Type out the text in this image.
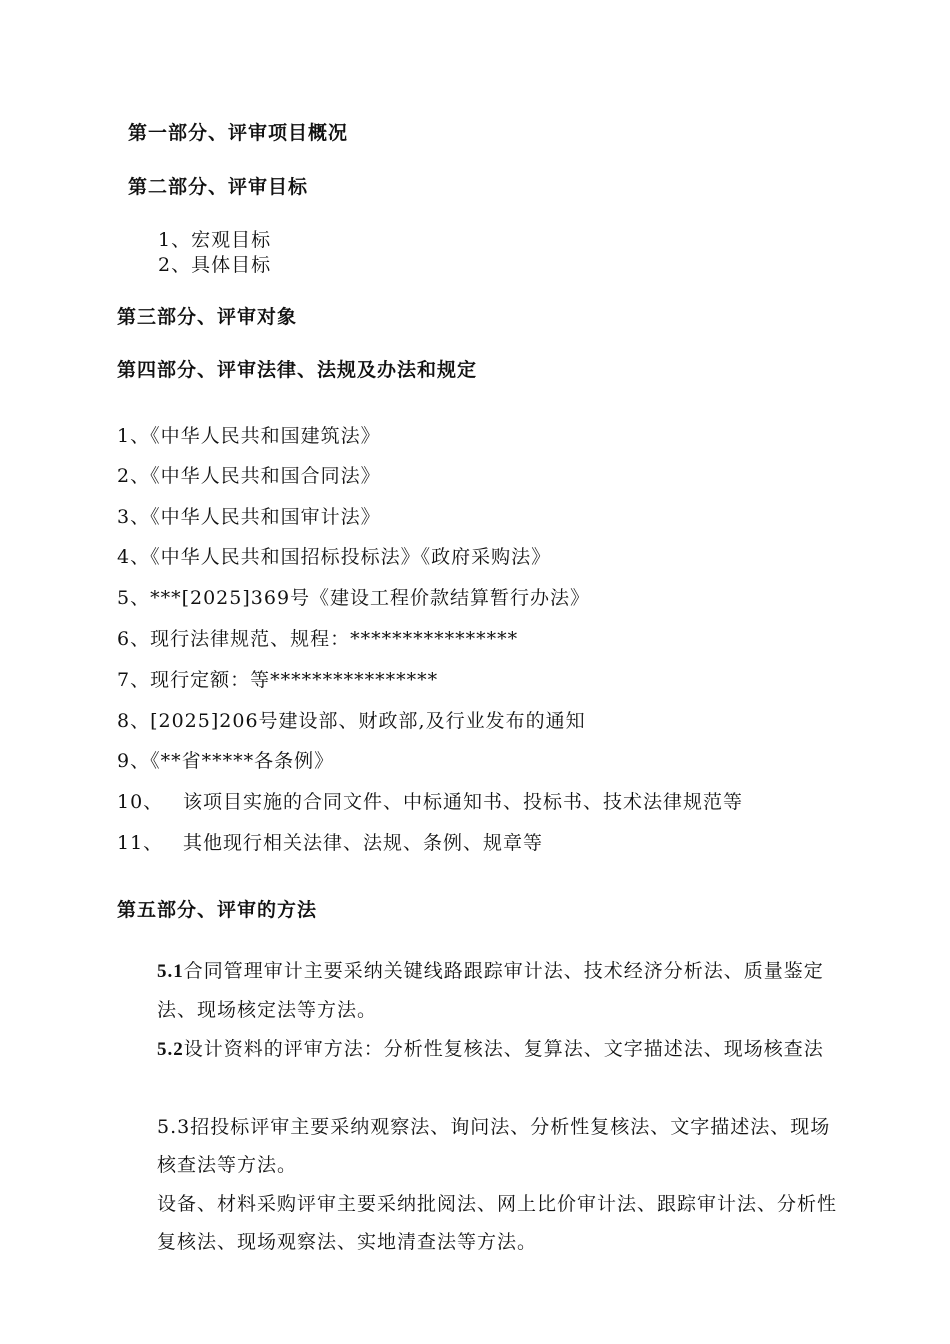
第一部分、评审项目概况
第二部分、评审目标
1、宏观目标
2、具体目标
第三部分、评审对象
第四部分、评审法律、法规及办法和规定
1、《中华人民共和国建筑法》
2、《中华人民共和国合同法》
3、《中华人民共和国审计法》
4、《中华人民共和国招标投标法》《政府采购法》
5、***[2025]369号《建设工程价款结算暂行办法》
6、现行法律规范、规程：****************
7、现行定额：等****************
8、[2025]206号建设部、财政部,及行业发布的通知
9、《**省*****各条例》
10、 该项目实施的合同文件、中标通知书、投标书、技术法律规范等
11、 其他现行相关法律、法规、条例、规章等
第五部分、评审的方法
5.1合同管理审计主要采纳关键线路跟踪审计法、技术经济分析法、质量鉴定法、现场核定法等方法。
5.2设计资料的评审方法：分析性复核法、复算法、文字描述法、现场核查法
5.3招投标评审主要采纳观察法、询问法、分析性复核法、文字描述法、现场核查法等方法。
设备、材料采购评审主要采纳批阅法、网上比价审计法、跟踪审计法、分析性复核法、现场观察法、实地清查法等方法。
